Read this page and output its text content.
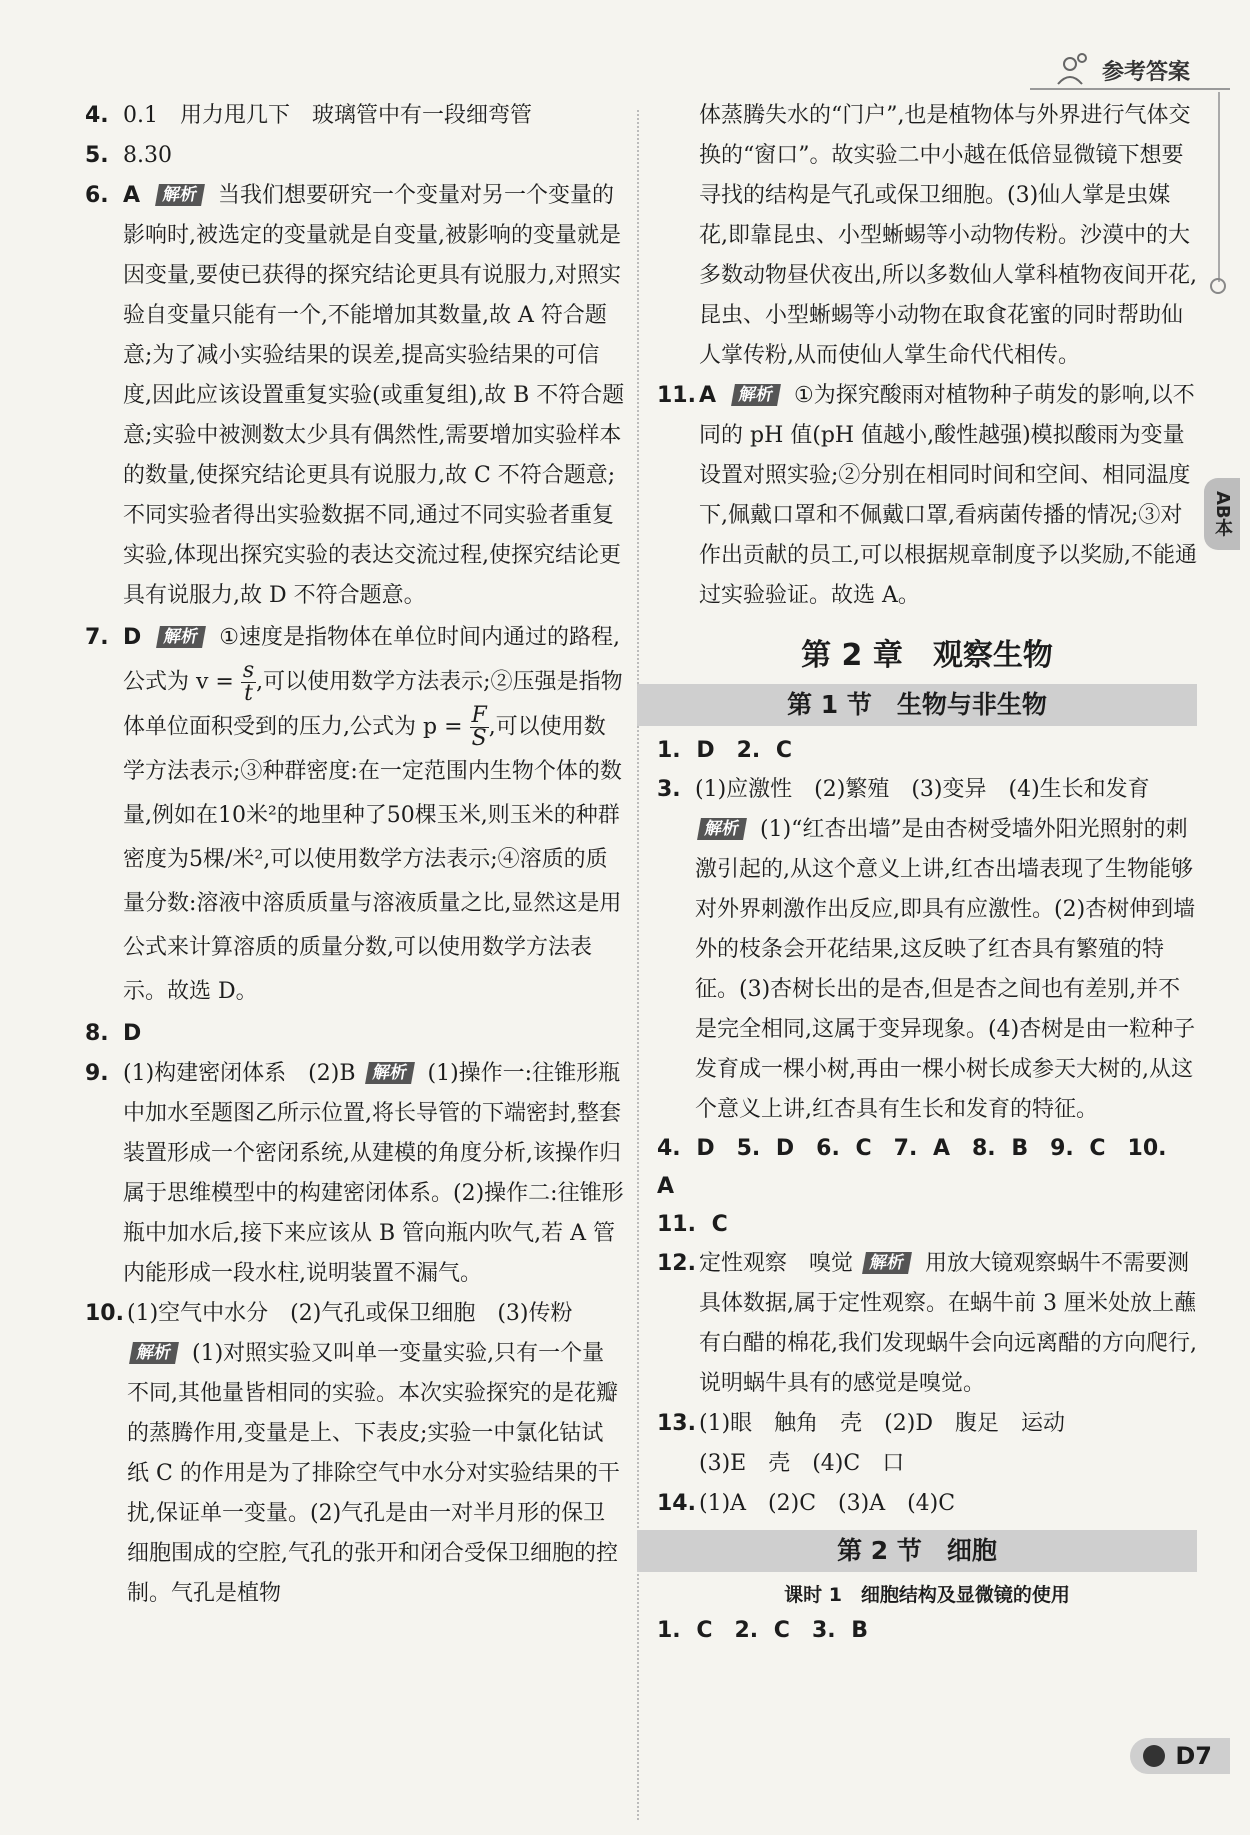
参考答案
AB本

4. 0.1　用力甩几下　玻璃管中有一段细弯管

5. 8.30

6. A 解析 当我们想要研究一个变量对另一个变量的影响时,被选定的变量就是自变量,被影响的变量就是因变量,要使已获得的探究结论更具有说服力,对照实验自变量只能有一个,不能增加其数量,故 A 符合题意;为了减小实验结果的误差,提高实验结果的可信度,因此应该设置重复实验(或重复组),故 B 不符合题意;实验中被测数太少具有偶然性,需要增加实验样本的数量,使探究结论更具有说服力,故 C 不符合题意;不同实验者得出实验数据不同,通过不同实验者重复实验,体现出探究实验的表达交流过程,使探究结论更具有说服力,故 D 不符合题意。

7. D 解析 ①速度是指物体在单位时间内通过的路程,公式为 $v = \frac{s}{t}$ ,可以使用数学方法表示;②压强是指物体单位面积受到的压力,公式为 $p = \frac{F}{S}$ ,可以使用数学方法表示;③种群密度:在一定范围内生物个体的数量,例如在10米²的地里种了50棵玉米,则玉米的种群密度为5棵/米²,可以使用数学方法表示;④溶质的质量分数:溶液中溶质质量与溶液质量之比,显然这是用公式来计算溶质的质量分数,可以使用数学方法表示。故选 D。

8. D

9. (1)构建密闭体系　(2)B 解析 (1)操作一:往锥形瓶中加水至题图乙所示位置,将长导管的下端密封,整套装置形成一个密闭系统,从建模的角度分析,该操作归属于思维模型中的构建密闭体系。(2)操作二:往锥形瓶中加水后,接下来应该从 B 管向瓶内吹气,若 A 管内能形成一段水柱,说明装置不漏气。

10. (1)空气中水分　(2)气孔或保卫细胞　(3)传粉 解析 (1)对照实验又叫单一变量实验,只有一个量不同,其他量皆相同的实验。本次实验探究的是花瓣的蒸腾作用,变量是上、下表皮;实验一中氯化钴试纸 C 的作用是为了排除空气中水分对实验结果的干扰,保证单一变量。(2)气孔是由一对半月形的保卫细胞围成的空腔,气孔的张开和闭合受保卫细胞的控制。气孔是植物

体蒸腾失水的“门户”,也是植物体与外界进行气体交换的“窗口”。故实验二中小越在低倍显微镜下想要寻找的结构是气孔或保卫细胞。(3)仙人掌是虫媒花,即靠昆虫、小型蜥蜴等小动物传粉。沙漠中的大多数动物昼伏夜出,所以多数仙人掌科植物夜间开花,昆虫、小型蜥蜴等小动物在取食花蜜的同时帮助仙人掌传粉,从而使仙人掌生命代代相传。

11. A 解析 ①为探究酸雨对植物种子萌发的影响,以不同的 pH 值(pH 值越小,酸性越强)模拟酸雨为变量设置对照实验;②分别在相同时间和空间、相同温度下,佩戴口罩和不佩戴口罩,看病菌传播的情况;③对作出贡献的员工,可以根据规章制度予以奖励,不能通过实验验证。故选 A。

第 2 章　观察生物
第 1 节　生物与非生物
1. D　2. C

3. (1)应激性　(2)繁殖　(3)变异　(4)生长和发育 解析 (1)“红杏出墙”是由杏树受墙外阳光照射的刺激引起的,从这个意义上讲,红杏出墙表现了生物能够对外界刺激作出反应,即具有应激性。(2)杏树伸到墙外的枝条会开花结果,这反映了红杏具有繁殖的特征。(3)杏树长出的是杏,但是杏之间也有差别,并不是完全相同,这属于变异现象。(4)杏树是由一粒种子发育成一棵小树,再由一棵小树长成参天大树的,从这个意义上讲,红杏具有生长和发育的特征。

4. D　5. D　6. C　7. A　8. B　9. C　10. A
11. C

12. 定性观察　嗅觉 解析 用放大镜观察蜗牛不需要测具体数据,属于定性观察。在蜗牛前 3 厘米处放上蘸有白醋的棉花,我们发现蜗牛会向远离醋的方向爬行,说明蜗牛具有的感觉是嗅觉。

13. (1)眼　触角　壳　(2)D　腹足　运动
(3)E　壳　(4)C　口

14. (1)A　(2)C　(3)A　(4)C

第 2 节　细胞
课时 1　细胞结构及显微镜的使用
1. C　2. C　3. B
D7
